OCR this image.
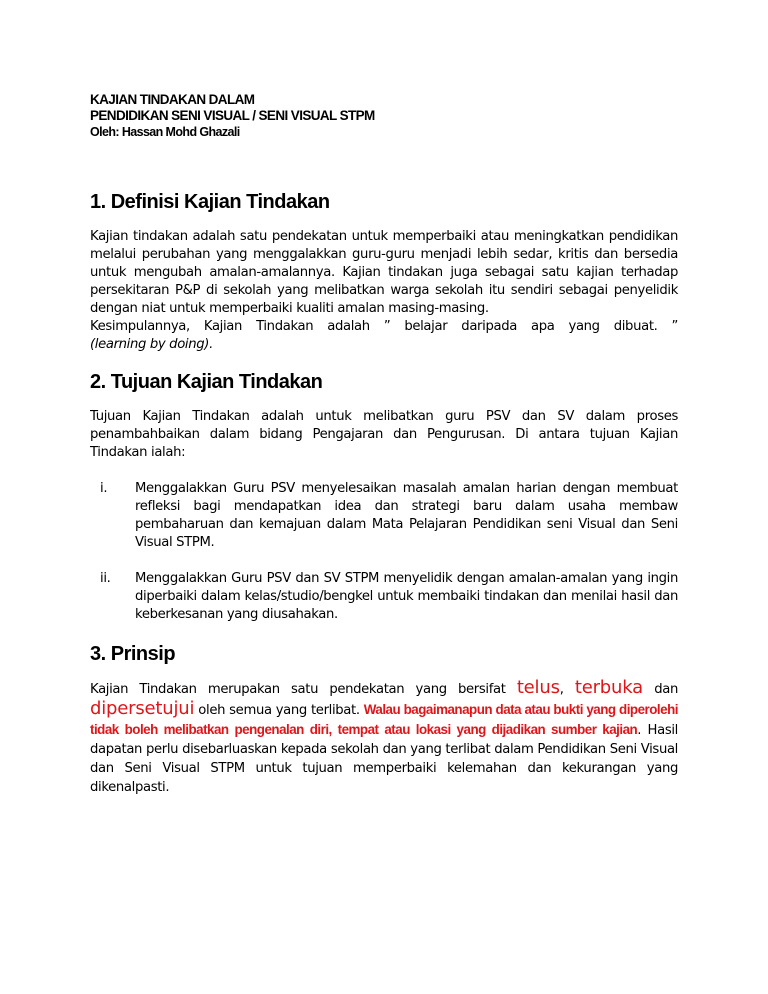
KAJIAN TINDAKAN DALAM
PENDIDIKAN SENI VISUAL / SENI VISUAL STPM
Oleh: Hassan Mohd Ghazali
1. Definisi Kajian Tindakan

Kajian tindakan adalah satu pendekatan untuk memperbaiki atau meningkatkan pendidikan melalui perubahan yang menggalakkan guru-guru menjadi lebih sedar, kritis dan bersedia untuk mengubah amalan-amalannya. Kajian tindakan juga sebagai satu kajian terhadap persekitaran P&P di sekolah yang melibatkan warga sekolah itu sendiri sebagai penyelidik dengan niat untuk memperbaiki kualiti amalan masing-masing.

Kesimpulannya, Kajian Tindakan adalah ” belajar daripada apa yang dibuat. ”

(learning by doing).

2. Tujuan Kajian Tindakan

Tujuan Kajian Tindakan adalah untuk melibatkan guru PSV dan SV dalam proses penambahbaikan dalam bidang Pengajaran dan Pengurusan. Di antara tujuan Kajian Tindakan ialah:

i. Menggalakkan Guru PSV menyelesaikan masalah amalan harian dengan membuat refleksi bagi mendapatkan idea dan strategi baru dalam usaha membaw pembaharuan dan kemajuan dalam Mata Pelajaran Pendidikan seni Visual dan Seni Visual STPM.
ii. Menggalakkan Guru PSV dan SV STPM menyelidik dengan amalan-amalan yang ingin diperbaiki dalam kelas/studio/bengkel untuk membaiki tindakan dan menilai hasil dan keberkesanan yang diusahakan.
3. Prinsip

Kajian Tindakan merupakan satu pendekatan yang bersifat telus, terbuka dan dipersetujui oleh semua yang terlibat. Walau bagaimanapun data atau bukti yang diperolehi tidak boleh melibatkan pengenalan diri, tempat atau lokasi yang dijadikan sumber kajian. Hasil dapatan perlu disebarluaskan kepada sekolah dan yang terlibat dalam Pendidikan Seni Visual dan Seni Visual STPM untuk tujuan memperbaiki kelemahan dan kekurangan yang dikenalpasti.
